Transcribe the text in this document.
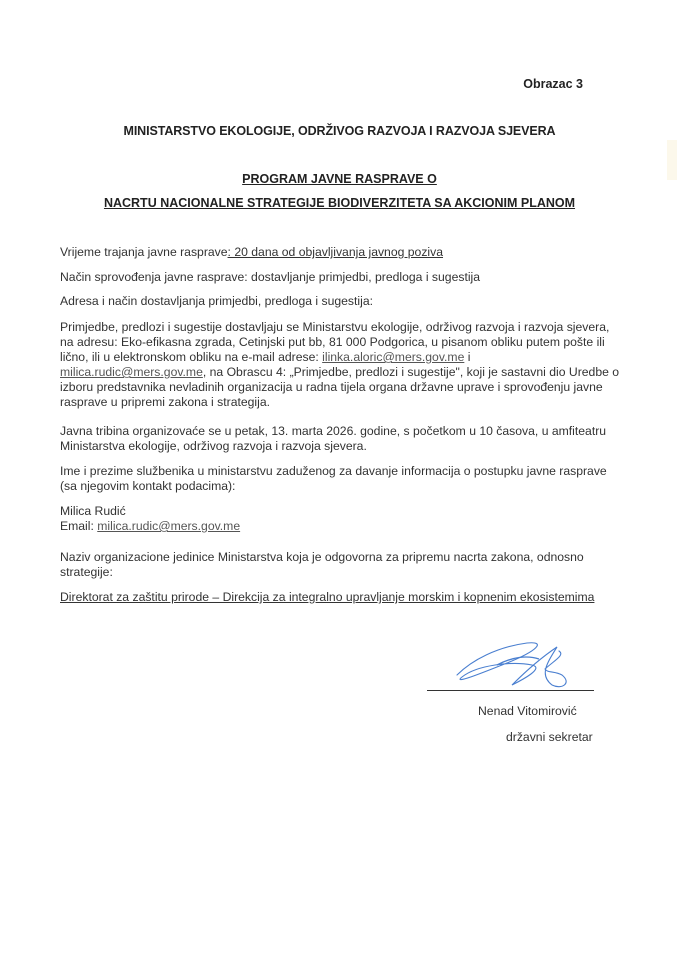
Obrazac 3
MINISTARSTVO EKOLOGIJE, ODRŽIVOG RAZVOJA I RAZVOJA SJEVERA
PROGRAM JAVNE RASPRAVE O
NACRTU NACIONALNE STRATEGIJE BIODIVERZITETA SA AKCIONIM PLANOM
Vrijeme trajanja javne rasprave: 20 dana od objavljivanja javnog poziva
Način sprovođenja javne rasprave: dostavljanje primjedbi, predloga i sugestija
Adresa i način dostavljanja primjedbi, predloga i sugestija:
Primjedbe, predlozi i sugestije dostavljaju se Ministarstvu ekologije, održivog razvoja i razvoja sjevera, na adresu: Eko-efikasna zgrada, Cetinjski put bb, 81 000 Podgorica, u pisanom obliku putem pošte ili lično, ili u elektronskom obliku na e-mail adrese: ilinka.aloric@mers.gov.me i milica.rudic@mers.gov.me, na Obrascu 4: „Primjedbe, predlozi i sugestije", koji je sastavni dio Uredbe o izboru predstavnika nevladinih organizacija u radna tijela organa državne uprave i sprovođenju javne rasprave u pripremi zakona i strategija.
Javna tribina organizovaće se u petak, 13. marta 2026. godine, s početkom u 10 časova, u amfiteatru Ministarstva ekologije, održivog razvoja i razvoja sjevera.
Ime i prezime službenika u ministarstvu zaduženog za davanje informacija o postupku javne rasprave (sa njegovim kontakt podacima):
Milica Rudić
Email: milica.rudic@mers.gov.me
Naziv organizacione jedinice Ministarstva koja je odgovorna za pripremu nacrta zakona, odnosno strategije:
Direktorat za zaštitu prirode – Direkcija za integralno upravljanje morskim i kopnenim ekosistemima
Nenad Vitomirović
državni sekretar
